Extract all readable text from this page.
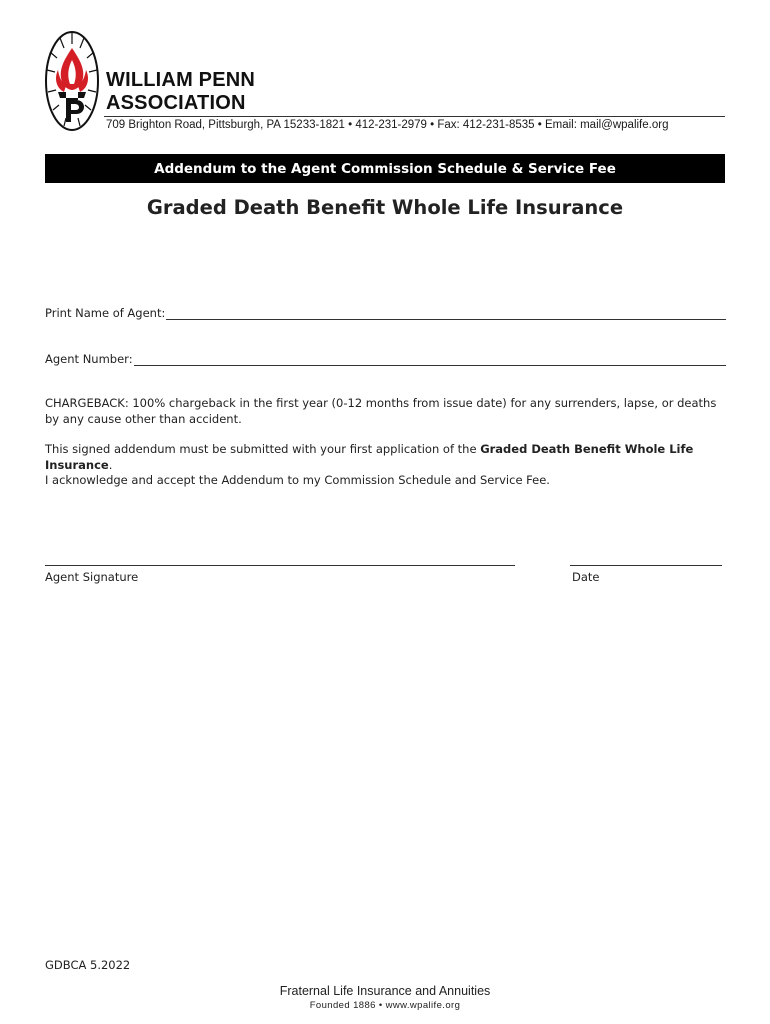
WILLIAM PENN
ASSOCIATION
709 Brighton Road, Pittsburgh, PA 15233-1821 • 412-231-2979 • Fax: 412-231-8535 • Email: mail@wpalife.org
Addendum to the Agent Commission Schedule & Service Fee
Graded Death Benefit Whole Life Insurance
Print Name of Agent:
Agent Number:
CHARGEBACK: 100% chargeback in the first year (0-12 months from issue date) for any surrenders, lapse, or deaths by any cause other than accident.
This signed addendum must be submitted with your first application of the Graded Death Benefit Whole Life Insurance.
I acknowledge and accept the Addendum to my Commission Schedule and Service Fee.
Agent Signature	Date
GDBCA 5.2022
Fraternal Life Insurance and Annuities
Founded 1886 • www.wpalife.org
